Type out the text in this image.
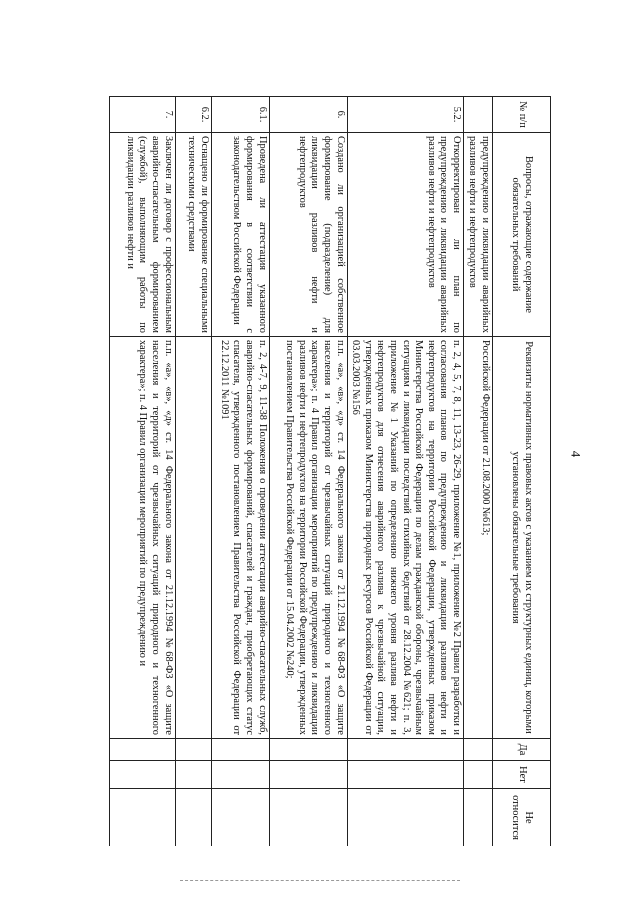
4
№ п/п	Вопросы, отражающие содержание обязательных требований	Реквизиты нормативных правовых актов с указанием их структурных единиц, которыми установлены обязательные требования	Да	Нет	Не относится
	предупреждению и ликвидации аварийных разливов нефти и нефтепродуктов	Российской Федерации от 21.08.2000 №613;			
5.2.	Откорректирован ли план по предупреждению и ликвидации аварийных разливов нефти и нефтепродуктов	п. 2, 4, 5, 7, 8, 11, 13-23, 26-29, приложение №1, приложение №2 Правил разработки и согласования планов по предупреждению и ликвидации разливов нефти и нефтепродуктов на территории Российской Федерации, утвержденных приказом Министерства Российской Федерации по делам гражданской обороны, чрезвычайным ситуациям и ликвидации последствий стихийных бедствий от 28.12.2004 №621; п. 3, приложение №1 Указаний по определению нижнего уровня разлива нефти и нефтепродуктов для отнесения аварийного разлива к чрезвычайной ситуации, утвержденных приказом Министерства природных ресурсов Российской Федерации от 03.03.2003 №156			
6.	Создано ли организацией собственное формирование (подразделение) для ликвидации разливов нефти и нефтепродуктов	п.п. «а», «в», «д» ст. 14 Федерального закона от 21.12.1994 №68-ФЗ «О защите населения и территорий от чрезвычайных ситуаций природного и техногенного характера»; п. 4 Правил организации мероприятий по предупреждению и ликвидации разливов нефти и нефтепродуктов на территории Российской Федерации, утвержденных постановлением Правительства Российской Федерации от 15.04.2002 №240;			
6.1.	Проведена ли аттестация указанного формирования в соответствии с законодательством Российской Федерации	п. 2, 4-7, 9, 11-38 Положения о проведении аттестации аварийно-спасательных служб, аварийно-спасательных формирований, спасателей и граждан, приобретающих статус спасателя, утвержденного постановлением Правительства Российской Федерации от 22.12.2011 №1091			
6.2.	Оснащено ли формирование специальными техническими средствами				
7.	Заключен ли договор с профессиональным аварийно-спасательным формированием (службой), выполняющим работы по ликвидации разливов нефти и	п.п. «а», «в», «д» ст. 14 Федерального закона от 21.12.1994 №68-ФЗ «О защите населения и территорий от чрезвычайных ситуаций природного и техногенного характера»; п. 4 Правил организации мероприятий по предупреждению и			
